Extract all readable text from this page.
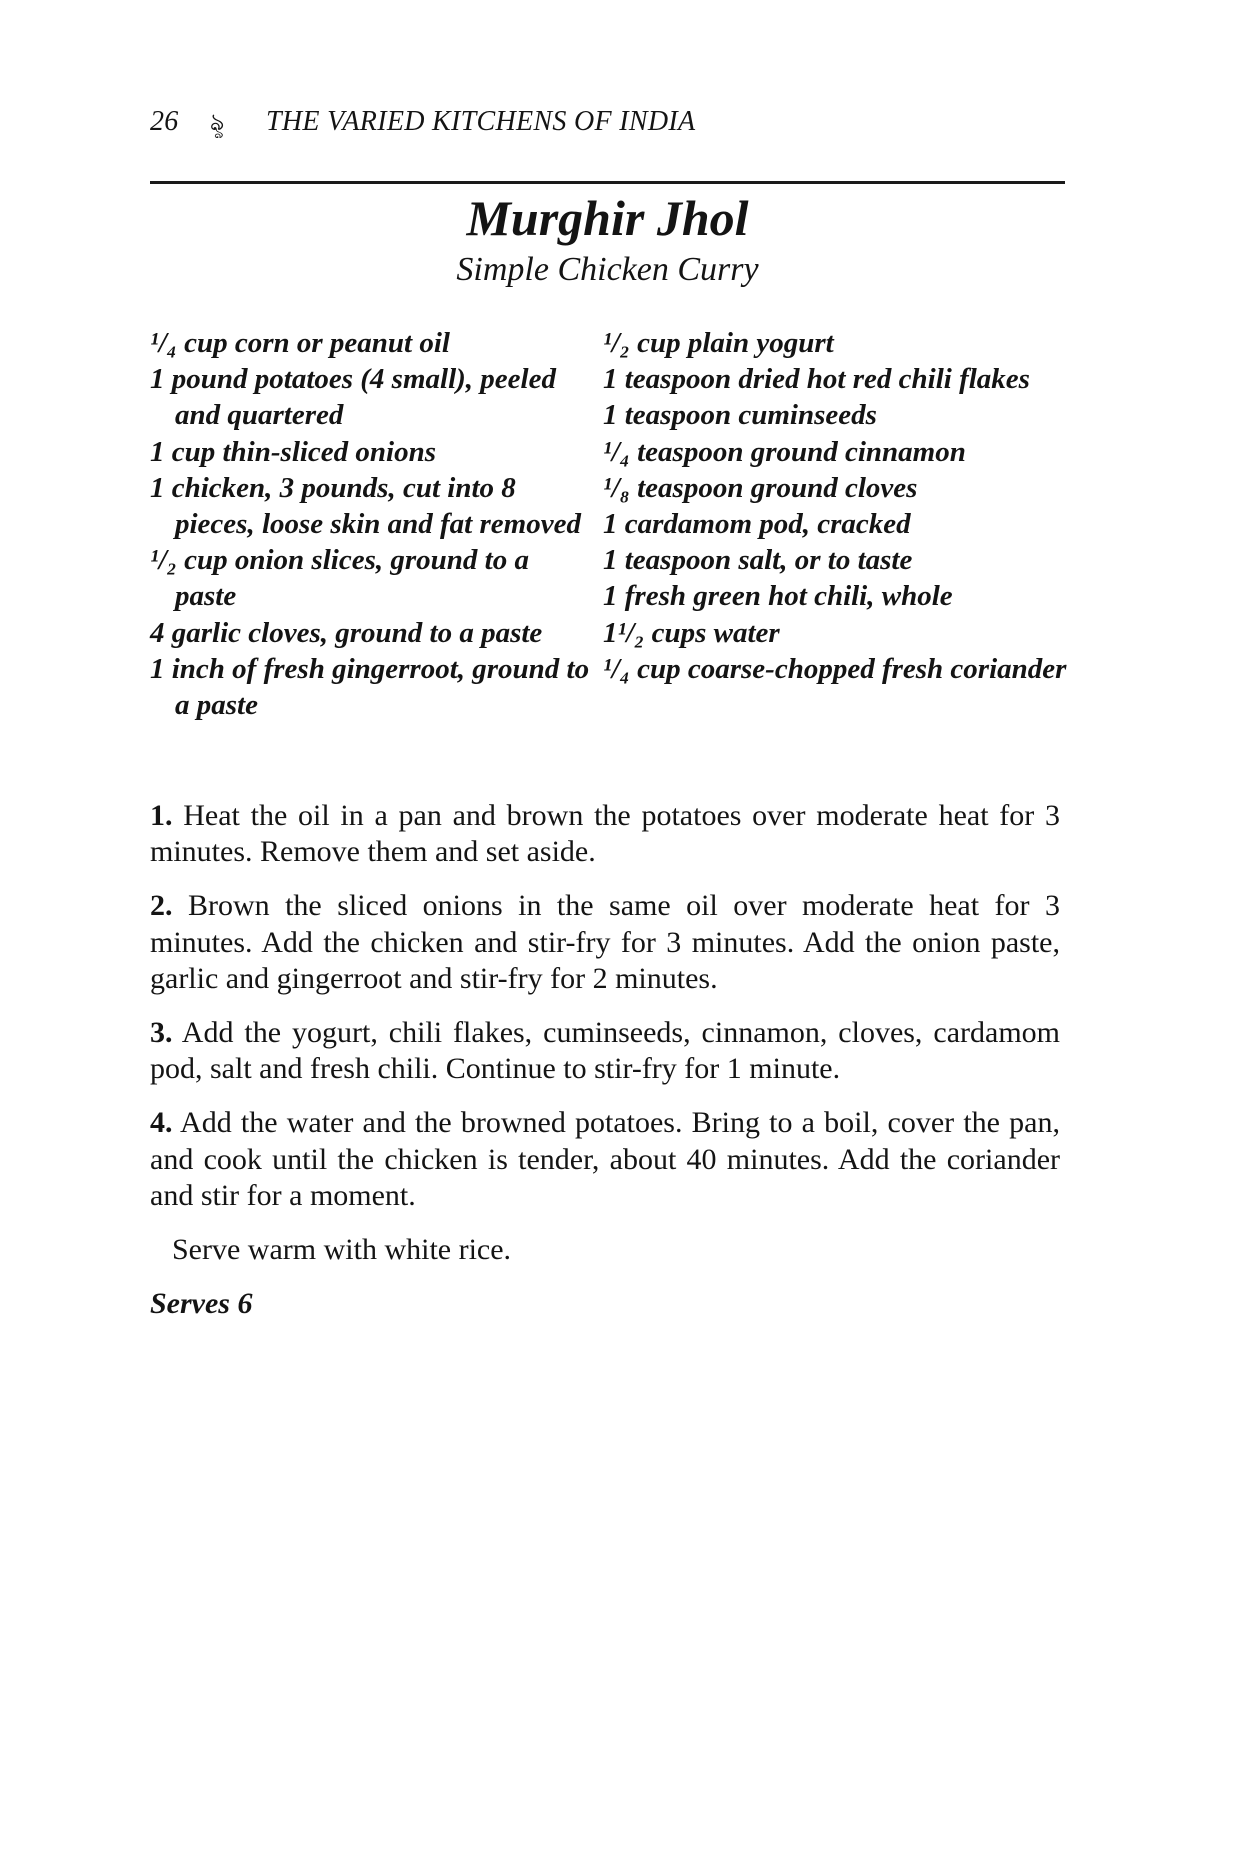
26 ৡ THE VARIED KITCHENS OF INDIA
Murghir Jhol
Simple Chicken Curry
¹/₄ cup corn or peanut oil
1 pound potatoes (4 small), peeled and quartered
1 cup thin-sliced onions
1 chicken, 3 pounds, cut into 8 pieces, loose skin and fat removed
¹/₂ cup onion slices, ground to a paste
4 garlic cloves, ground to a paste
1 inch of fresh gingerroot, ground to a paste
¹/₂ cup plain yogurt
1 teaspoon dried hot red chili flakes
1 teaspoon cuminseeds
¹/₄ teaspoon ground cinnamon
¹/₈ teaspoon ground cloves
1 cardamom pod, cracked
1 teaspoon salt, or to taste
1 fresh green hot chili, whole
1¹/₂ cups water
¹/₄ cup coarse-chopped fresh coriander

1. Heat the oil in a pan and brown the potatoes over moderate heat for 3 minutes. Remove them and set aside.

2. Brown the sliced onions in the same oil over moderate heat for 3 minutes. Add the chicken and stir-fry for 3 minutes. Add the onion paste, garlic and gingerroot and stir-fry for 2 minutes.

3. Add the yogurt, chili flakes, cuminseeds, cinnamon, cloves, cardamom pod, salt and fresh chili. Continue to stir-fry for 1 minute.

4. Add the water and the browned potatoes. Bring to a boil, cover the pan, and cook until the chicken is tender, about 40 minutes. Add the coriander and stir for a moment.

Serve warm with white rice.

Serves 6
